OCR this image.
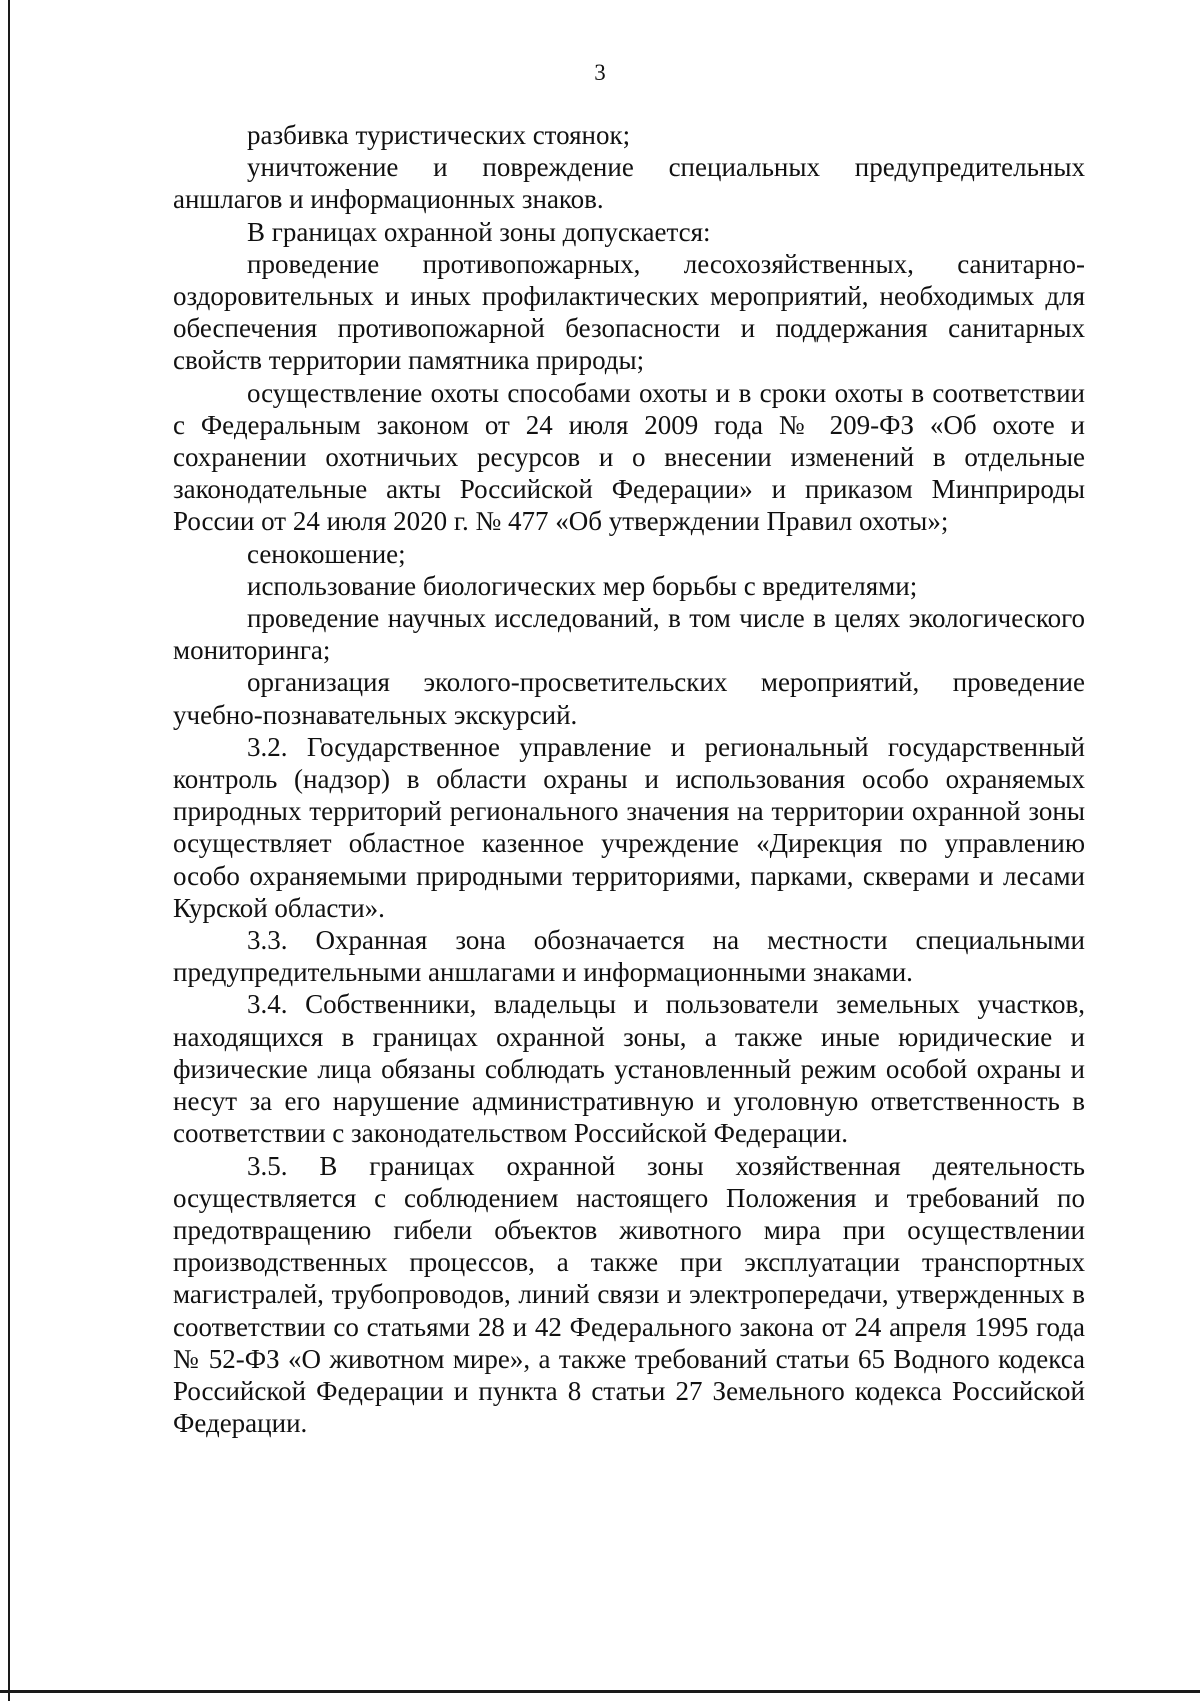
3

разбивка туристических стоянок;

уничтожение и повреждение специальных предупредительных аншлагов и информационных знаков.

В границах охранной зоны допускается:

проведение противопожарных, лесохозяйственных, санитарно-оздоровительных и иных профилактических мероприятий, необходимых для обеспечения противопожарной безопасности и поддержания санитарных свойств территории памятника природы;

осуществление охоты способами охоты и в сроки охоты в соответствии с Федеральным законом от 24 июля 2009 года № 209-ФЗ «Об охоте и сохранении охотничьих ресурсов и о внесении изменений в отдельные законодательные акты Российской Федерации» и приказом Минприроды России от 24 июля 2020 г. № 477 «Об утверждении Правил охоты»;

сенокошение;

использование биологических мер борьбы с вредителями;

проведение научных исследований, в том числе в целях экологического мониторинга;

организация эколого-просветительских мероприятий, проведение учебно-познавательных экскурсий.

3.2. Государственное управление и региональный государственный контроль (надзор) в области охраны и использования особо охраняемых природных территорий регионального значения на территории охранной зоны осуществляет областное казенное учреждение «Дирекция по управлению особо охраняемыми природными территориями, парками, скверами и лесами Курской области».

3.3. Охранная зона обозначается на местности специальными предупредительными аншлагами и информационными знаками.

3.4. Собственники, владельцы и пользователи земельных участков, находящихся в границах охранной зоны, а также иные юридические и физические лица обязаны соблюдать установленный режим особой охраны и несут за его нарушение административную и уголовную ответственность в соответствии с законодательством Российской Федерации.

3.5. В границах охранной зоны хозяйственная деятельность осуществляется с соблюдением настоящего Положения и требований по предотвращению гибели объектов животного мира при осуществлении производственных процессов, а также при эксплуатации транспортных магистралей, трубопроводов, линий связи и электропередачи, утвержденных в соответствии со статьями 28 и 42 Федерального закона от 24 апреля 1995 года № 52-ФЗ «О животном мире», а также требований статьи 65 Водного кодекса Российской Федерации и пункта 8 статьи 27 Земельного кодекса Российской Федерации.
